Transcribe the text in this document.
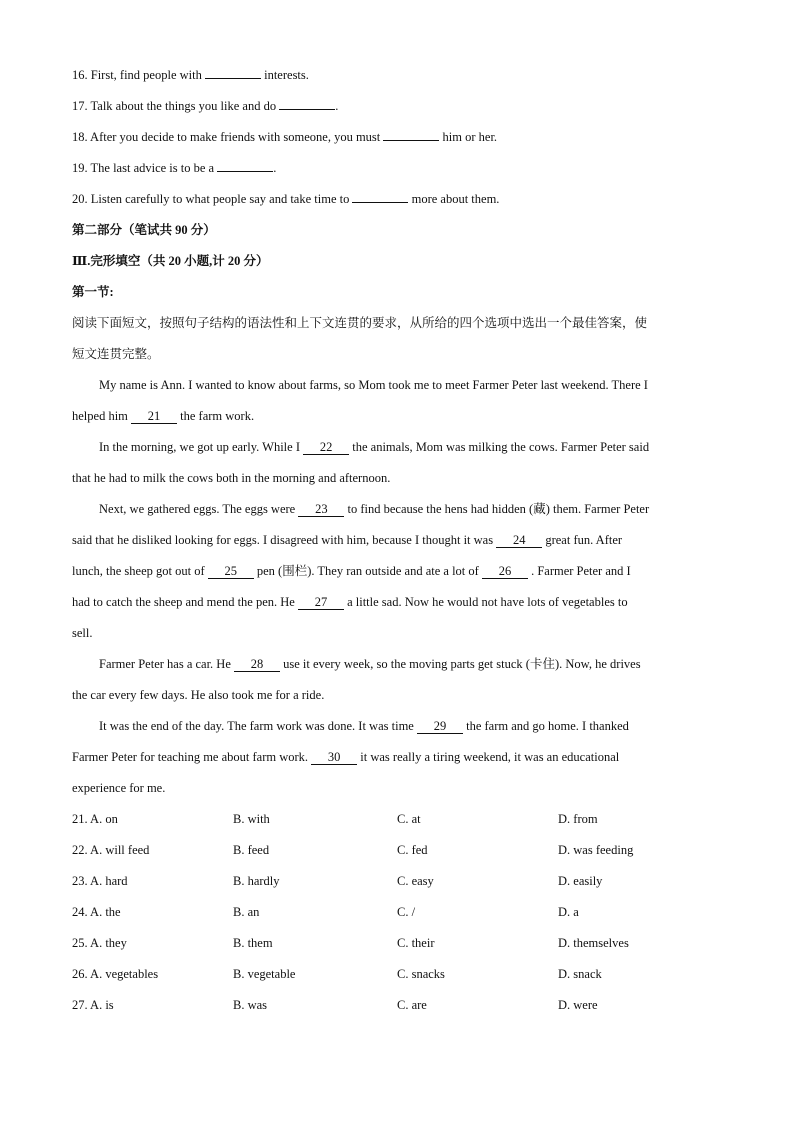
16. First, find people with	interests.
17. Talk about the things you like and do	.
18. After you decide to make friends with someone, you must	him or her.
19. The last advice is to be a	.
20. Listen carefully to what people say and take time to	more about them.
第二部分（笔试共 90 分）
Ⅲ.完形填空（共 20 小题,计 20 分）
第一节:
阅读下面短文，按照句子结构的语法性和上下文连贯的要求，从所给的四个选项中选出一个最佳答案，使
短文连贯完整。
My name is Ann. I wanted to know about farms, so Mom took me to meet Farmer Peter last weekend. There I
helped him 21 the farm work.
In the morning, we got up early. While I 22 the animals, Mom was milking the cows. Farmer Peter said
that he had to milk the cows both in the morning and afternoon.
Next, we gathered eggs. The eggs were 23 to find because the hens had hidden (藏) them. Farmer Peter
said that he disliked looking for eggs. I disagreed with him, because I thought it was 24 great fun. After
lunch, the sheep got out of 25 pen (围栏). They ran outside and ate a lot of 26 . Farmer Peter and I
had to catch the sheep and mend the pen. He 27 a little sad. Now he would not have lots of vegetables to
sell.
Farmer Peter has a car. He 28 use it every week, so the moving parts get stuck (卡住). Now, he drives
the car every few days. He also took me for a ride.
It was the end of the day. The farm work was done. It was time 29 the farm and go home. I thanked
Farmer Peter for teaching me about farm work. 30 it was really a tiring weekend, it was an educational
experience for me.
21. A. on	B. with	C. at	D. from
22. A. will feed	B. feed	C. fed	D. was feeding
23. A. hard	B. hardly	C. easy	D. easily
24. A. the	B. an	C. /	D. a
25. A. they	B. them	C. their	D. themselves
26. A. vegetables	B. vegetable	C. snacks	D. snack
27. A. is	B. was	C. are	D. were
